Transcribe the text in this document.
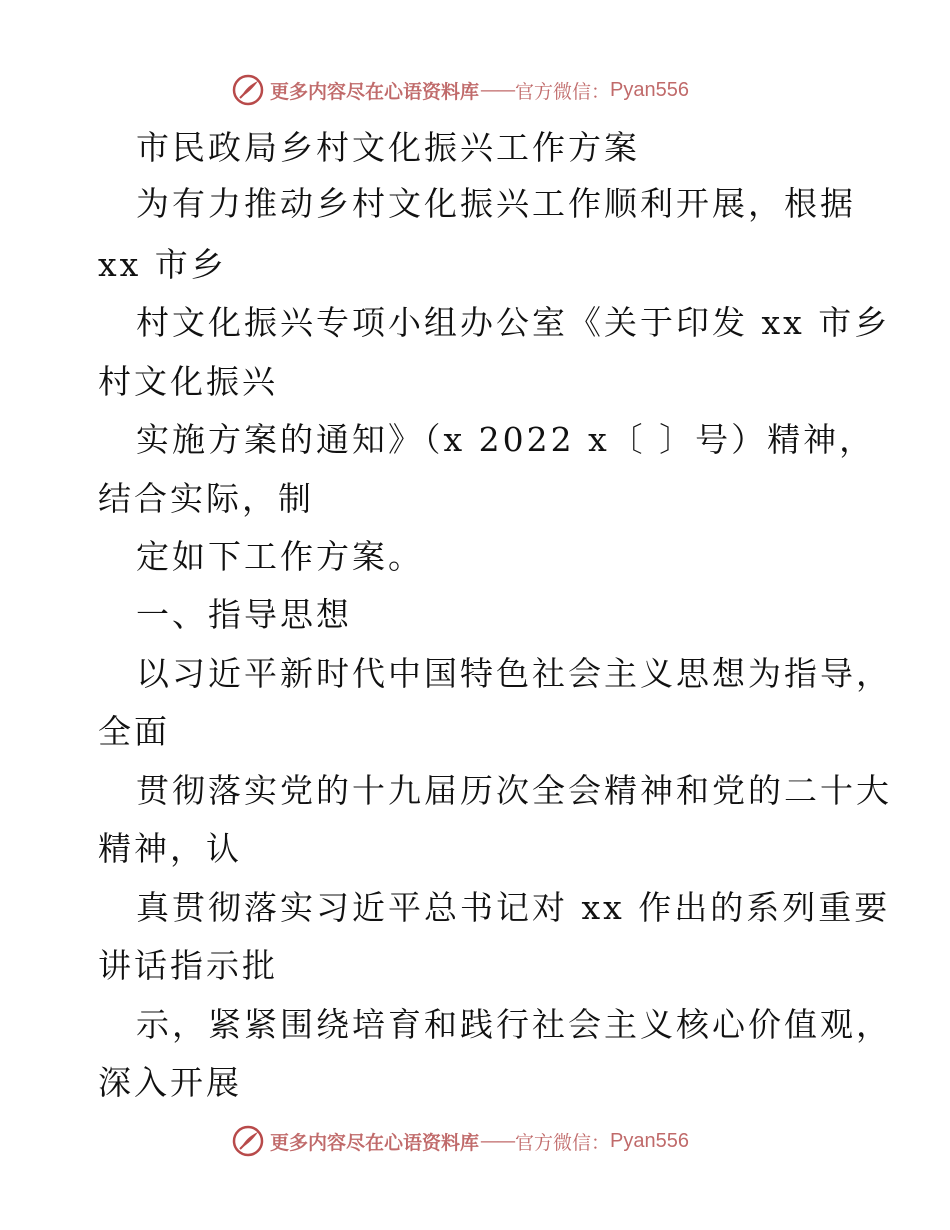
更多内容尽在心语资料库 —— 官方微信： Pyan556
市民政局乡村文化振兴工作方案
为有力推动乡村文化振兴工作顺利开展，根据
xx 市乡
村文化振兴专项小组办公室《关于印发 xx 市乡
村文化振兴
实施方案的通知》（x 2022 x〔 〕号）精神，
结合实际，制
定如下工作方案。
一、指导思想
以习近平新时代中国特色社会主义思想为指导，
全面
贯彻落实党的十九届历次全会精神和党的二十大
精神，认
真贯彻落实习近平总书记对 xx 作出的系列重要
讲话指示批
示，紧紧围绕培育和践行社会主义核心价值观，
深入开展
更多内容尽在心语资料库 —— 官方微信： Pyan556
